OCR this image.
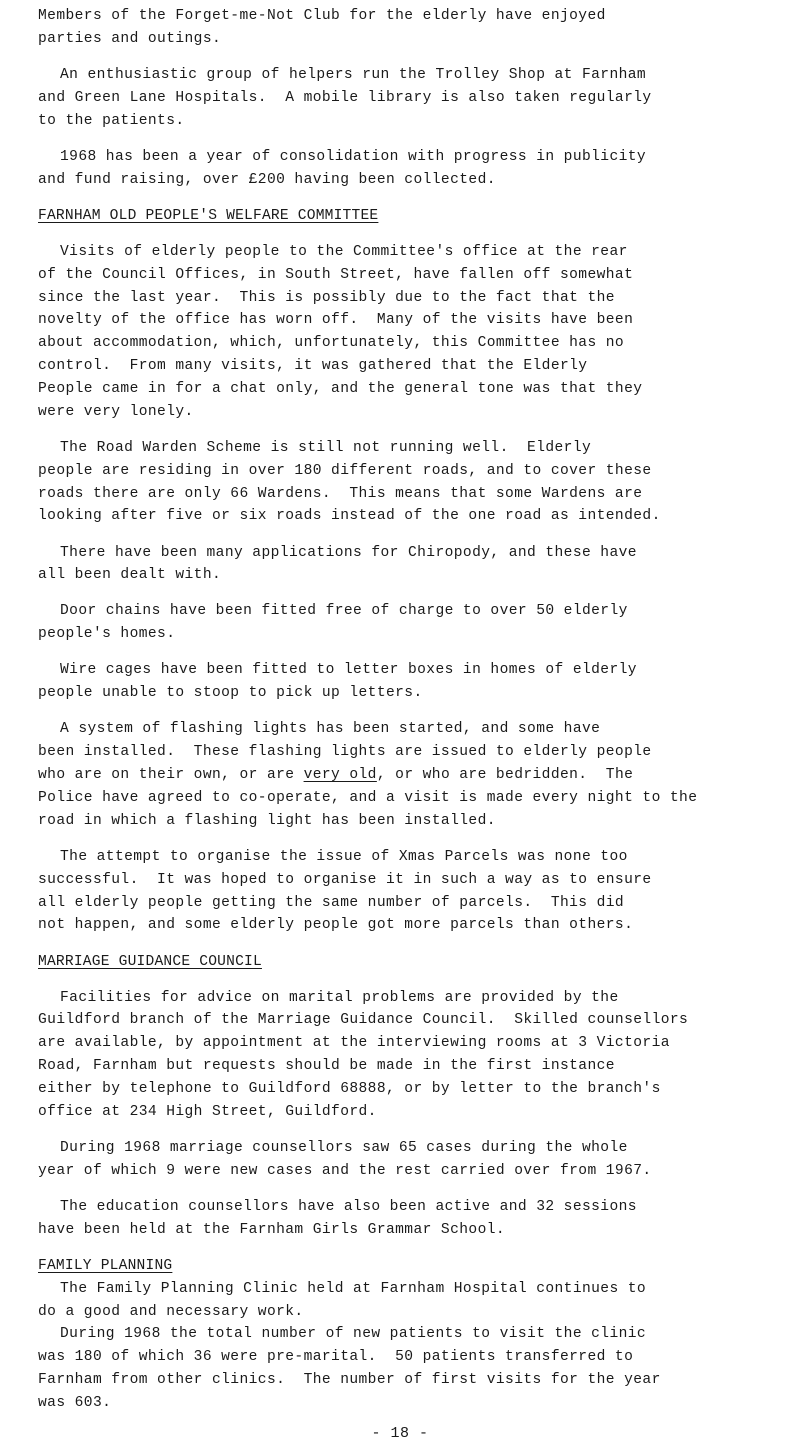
Members of the Forget-me-Not Club for the elderly have enjoyed
parties and outings.
An enthusiastic group of helpers run the Trolley Shop at Farnham
and Green Lane Hospitals.  A mobile library is also taken regularly
to the patients.
1968 has been a year of consolidation with progress in publicity
and fund raising, over £200 having been collected.
FARNHAM OLD PEOPLE'S WELFARE COMMITTEE
Visits of elderly people to the Committee's office at the rear
of the Council Offices, in South Street, have fallen off somewhat
since the last year.  This is possibly due to the fact that the
novelty of the office has worn off.  Many of the visits have been
about accommodation, which, unfortunately, this Committee has no
control.  From many visits, it was gathered that the Elderly
People came in for a chat only, and the general tone was that they
were very lonely.
The Road Warden Scheme is still not running well.  Elderly
people are residing in over 180 different roads, and to cover these
roads there are only 66 Wardens.  This means that some Wardens are
looking after five or six roads instead of the one road as intended.
There have been many applications for Chiropody, and these have
all been dealt with.
Door chains have been fitted free of charge to over 50 elderly
people's homes.
Wire cages have been fitted to letter boxes in homes of elderly
people unable to stoop to pick up letters.
A system of flashing lights has been started, and some have
been installed.  These flashing lights are issued to elderly people
who are on their own, or are very old, or who are bedridden.  The
Police have agreed to co-operate, and a visit is made every night to the
road in which a flashing light has been installed.
The attempt to organise the issue of Xmas Parcels was none too
successful.  It was hoped to organise it in such a way as to ensure
all elderly people getting the same number of parcels.  This did
not happen, and some elderly people got more parcels than others.
MARRIAGE GUIDANCE COUNCIL
Facilities for advice on marital problems are provided by the
Guildford branch of the Marriage Guidance Council.  Skilled counsellors
are available, by appointment at the interviewing rooms at 3 Victoria
Road, Farnham but requests should be made in the first instance
either by telephone to Guildford 68888, or by letter to the branch's
office at 234 High Street, Guildford.
During 1968 marriage counsellors saw 65 cases during the whole
year of which 9 were new cases and the rest carried over from 1967.
The education counsellors have also been active and 32 sessions
have been held at the Farnham Girls Grammar School.
FAMILY PLANNING
The Family Planning Clinic held at Farnham Hospital continues to
do a good and necessary work.
During 1968 the total number of new patients to visit the clinic
was 180 of which 36 were pre-marital.  50 patients transferred to
Farnham from other clinics.  The number of first visits for the year
was 603.
- 18 -
